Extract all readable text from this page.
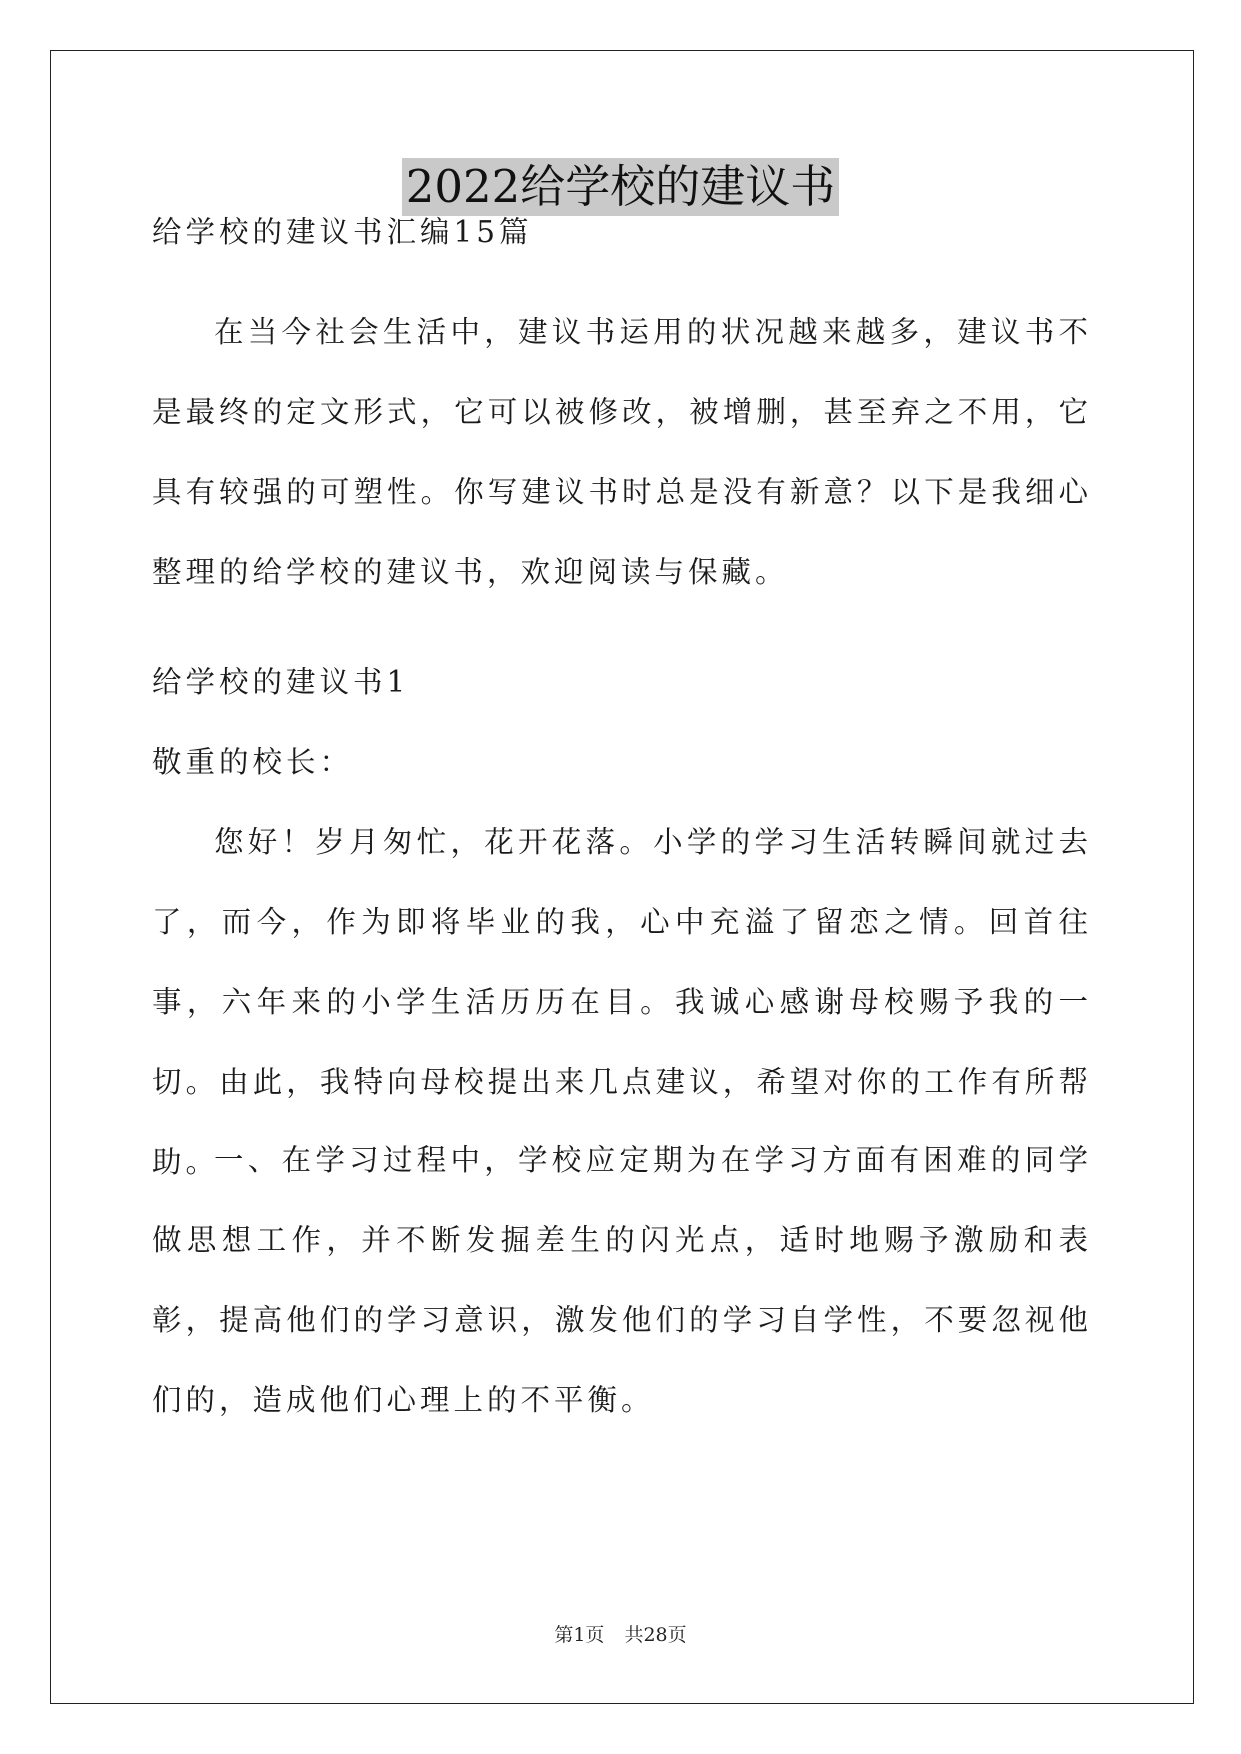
2022给学校的建议书

给学校的建议书汇编15篇

在当今社会生活中，建议书运用的状况越来越多，建议书不是最终的定文形式，它可以被修改，被增删，甚至弃之不用，它具有较强的可塑性。你写建议书时总是没有新意？以下是我细心整理的给学校的建议书，欢迎阅读与保藏。

给学校的建议书1

敬重的校长：

您好！岁月匆忙，花开花落。小学的学习生活转瞬间就过去了，而今，作为即将毕业的我，心中充溢了留恋之情。回首往事，六年来的小学生活历历在目。我诚心感谢母校赐予我的一切。由此，我特向母校提出来几点建议，希望对你的工作有所帮助。

一、在学习过程中，学校应定期为在学习方面有困难的同学做思想工作，并不断发掘差生的闪光点，适时地赐予激励和表彰，提高他们的学习意识，激发他们的学习自学性，不要忽视他们的，造成他们心理上的不平衡。

第1页 共28页
